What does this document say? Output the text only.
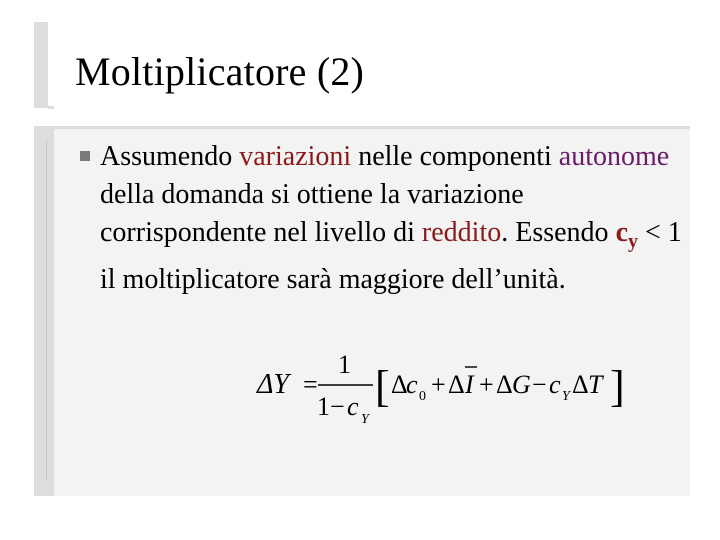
Moltiplicatore (2)
Assumendo variazioni nelle componenti autonome della domanda si ottiene la variazione corrispondente nel livello di reddito. Essendo $c_y < 1$ il moltiplicatore sarà maggiore dell’unità.
ΔY =
1
1 − c Y
[ Δ
c 0 + Δ I + Δ G − c Y Δ T ]
